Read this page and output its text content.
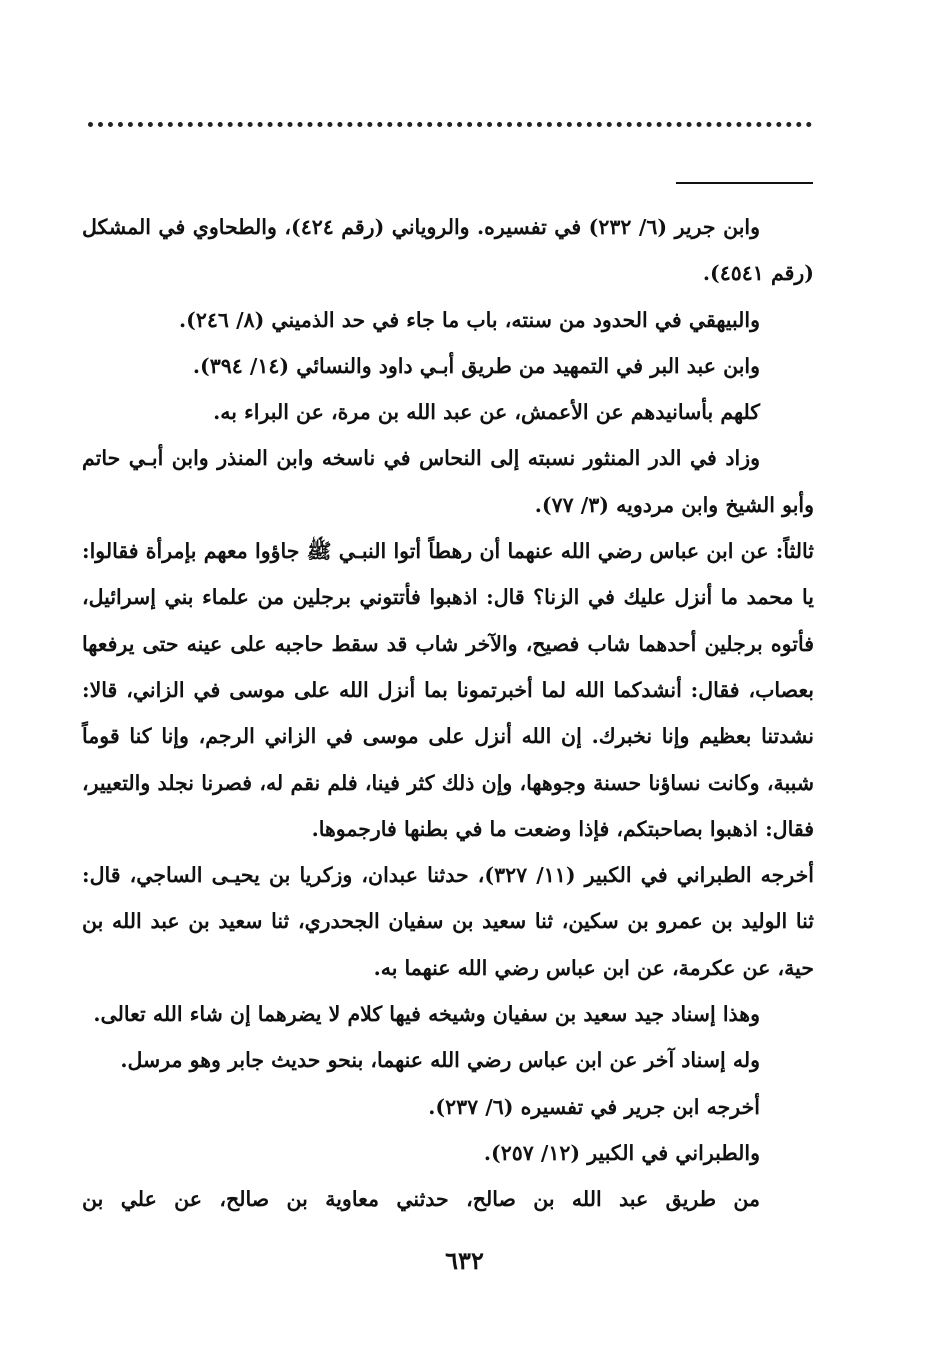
وابن جرير (٦/ ٢٣٢) في تفسيره. والروياني (رقم ٤٢٤)، والطحاوي في المشكل (رقم ٤٥٤١).

والبيهقي في الحدود من سنته، باب ما جاء في حد الذميني (٨/ ٢٤٦).

وابن عبد البر في التمهيد من طريق أبـي داود والنسائي (١٤/ ٣٩٤).

كلهم بأسانيدهم عن الأعمش، عن عبد الله بن مرة، عن البراء به.

وزاد في الدر المنثور نسبته إلى النحاس في ناسخه وابن المنذر وابن أبـي حاتم وأبو الشيخ وابن مردويه (٣/ ٧٧).

ثالثاً: عن ابن عباس رضي الله عنهما أن رهطاً أتوا النبـي ﷺ جاؤوا معهم بإمرأة فقالوا: يا محمد ما أنزل عليك في الزنا؟ قال: اذهبوا فأتتوني برجلين من علماء بني إسرائيل، فأتوه برجلين أحدهما شاب فصيح، والآخر شاب قد سقط حاجبه على عينه حتى يرفعها بعصاب، فقال: أنشدكما الله لما أخبرتمونا بما أنزل الله على موسى في الزاني، قالا: نشدتنا بعظيم وإنا نخبرك. إن الله أنزل على موسى في الزاني الرجم، وإنا كنا قوماً شببة، وكانت نساؤنا حسنة وجوهها، وإن ذلك كثر فينا، فلم نقم له، فصرنا نجلد والتعيير، فقال: اذهبوا بصاحبتكم، فإذا وضعت ما في بطنها فارجموها.

أخرجه الطبراني في الكبير (١١/ ٣٢٧)، حدثنا عبدان، وزكريا بن يحيـى الساجي، قال: ثنا الوليد بن عمرو بن سكين، ثنا سعيد بن سفيان الجحدري، ثنا سعيد بن عبد الله بن حية، عن عكرمة، عن ابن عباس رضي الله عنهما به.

وهذا إسناد جيد سعيد بن سفيان وشيخه فيها كلام لا يضرهما إن شاء الله تعالى.

وله إسناد آخر عن ابن عباس رضي الله عنهما، بنحو حديث جابر وهو مرسل.

أخرجه ابن جرير في تفسيره (٦/ ٢٣٧).

والطبراني في الكبير (١٢/ ٢٥٧).

من طريق عبد الله بن صالح، حدثني معاوية بن صالح، عن علي بن

٦٣٢
